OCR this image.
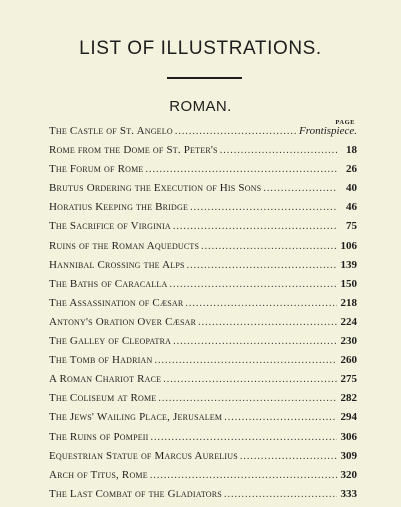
LIST OF ILLUSTRATIONS.
ROMAN.
PAGE
The Castle of St. Angelo .....	Frontispiece.
Rome from the Dome of St. Peter's .....	18
The Forum of Rome .....	26
Brutus Ordering the Execution of His Sons .....	40
Horatius Keeping the Bridge .....	46
The Sacrifice of Virginia .....	75
Ruins of the Roman Aqueducts .....	106
Hannibal Crossing the Alps .....	139
The Baths of Caracalla .....	150
The Assassination of Cæsar .....	218
Antony's Oration Over Cæsar .....	224
The Galley of Cleopatra .....	230
The Tomb of Hadrian .....	260
A Roman Chariot Race .....	275
The Coliseum at Rome .....	282
The Jews' Wailing Place, Jerusalem .....	294
The Ruins of Pompeii .....	306
Equestrian Statue of Marcus Aurelius .....	309
Arch of Titus, Rome .....	320
The Last Combat of the Gladiators .....	333
